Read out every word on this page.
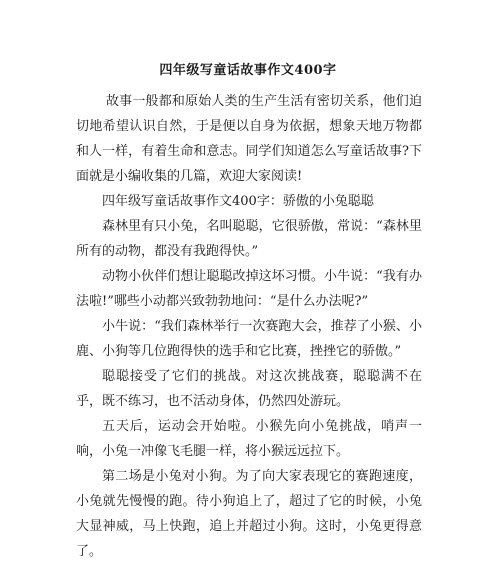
四年级写童话故事作文400字

故事一般都和原始人类的生产生活有密切关系，他们迫切地希望认识自然，于是便以自身为依据，想象天地万物都和人一样，有着生命和意志。同学们知道怎么写童话故事?下面就是小编收集的几篇，欢迎大家阅读!

四年级写童话故事作文400字：骄傲的小兔聪聪

森林里有只小兔，名叫聪聪，它很骄傲，常说：“森林里所有的动物，都没有我跑得快。”

动物小伙伴们想让聪聪改掉这坏习惯。小牛说：“我有办法啦!”哪些小动都兴致勃勃地问：“是什么办法呢?”

小牛说：“我们森林举行一次赛跑大会，推荐了小猴、小鹿、小狗等几位跑得快的选手和它比赛，挫挫它的骄傲。”

聪聪接受了它们的挑战。对这次挑战赛，聪聪满不在乎，既不练习，也不活动身体，仍然四处游玩。

五天后，运动会开始啦。小猴先向小兔挑战，哨声一响，小兔一冲像飞毛腿一样，将小猴远远拉下。

第二场是小兔对小狗。为了向大家表现它的赛跑速度，小兔就先慢慢的跑。待小狗追上了，超过了它的时候，小兔大显神威，马上快跑，追上并超过小狗。这时，小兔更得意了。
